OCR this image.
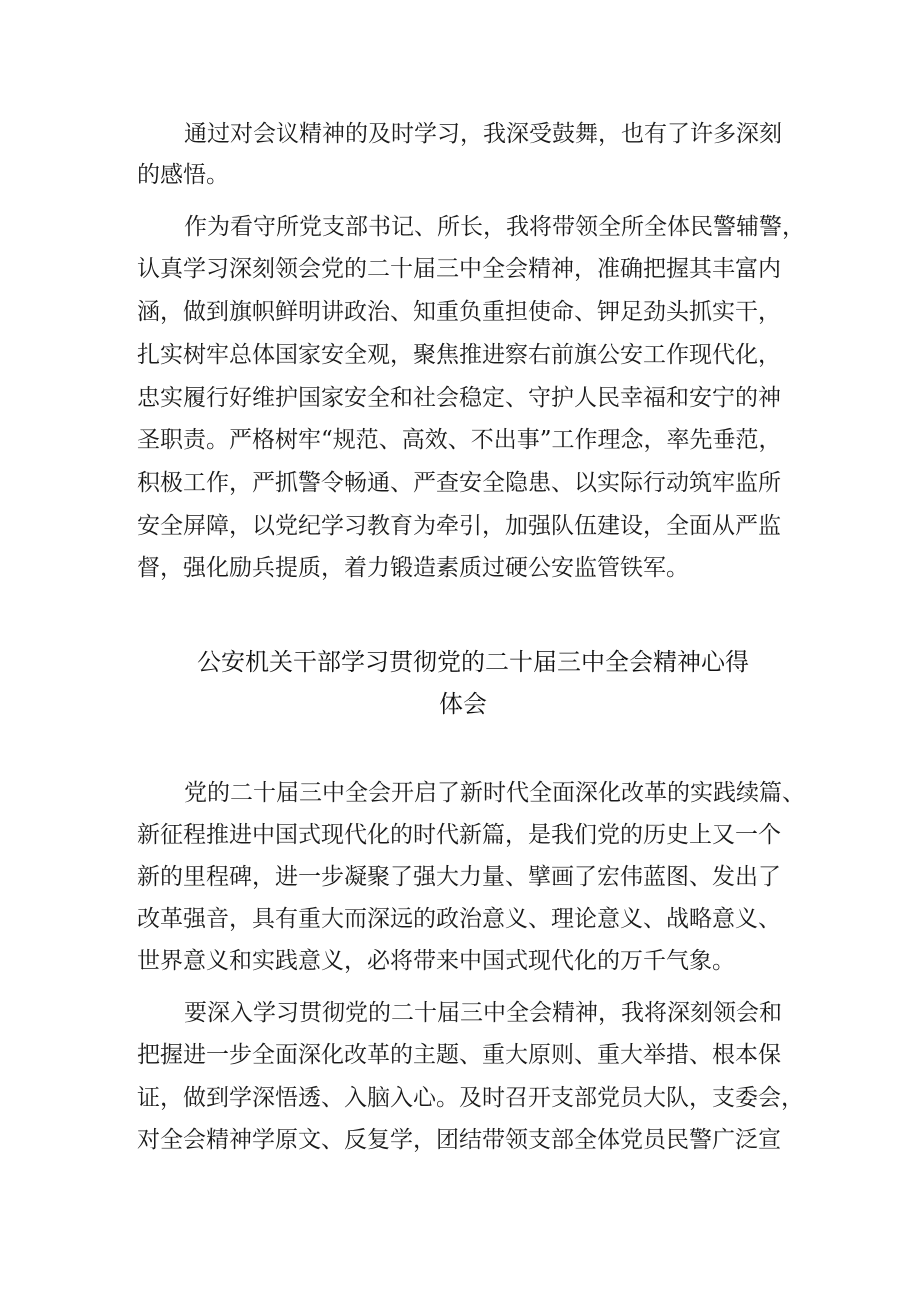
通过对会议精神的及时学习，我深受鼓舞，也有了许多深刻
的感悟。
作为看守所党支部书记、所长，我将带领全所全体民警辅警，
认真学习深刻领会党的二十届三中全会精神，准确把握其丰富内
涵，做到旗帜鲜明讲政治、知重负重担使命、钾足劲头抓实干，
扎实树牢总体国家安全观，聚焦推进察右前旗公安工作现代化，
忠实履行好维护国家安全和社会稳定、守护人民幸福和安宁的神
圣职责。严格树牢“规范、高效、不出事”工作理念，率先垂范，
积极工作，严抓警令畅通、严查安全隐患、以实际行动筑牢监所
安全屏障，以党纪学习教育为牵引，加强队伍建设，全面从严监
督，强化励兵提质，着力锻造素质过硬公安监管铁军。
公安机关干部学习贯彻党的二十届三中全会精神心得
体会
党的二十届三中全会开启了新时代全面深化改革的实践续篇、
新征程推进中国式现代化的时代新篇，是我们党的历史上又一个
新的里程碑，进一步凝聚了强大力量、擘画了宏伟蓝图、发出了
改革强音，具有重大而深远的政治意义、理论意义、战略意义、
世界意义和实践意义，必将带来中国式现代化的万千气象。
要深入学习贯彻党的二十届三中全会精神，我将深刻领会和
把握进一步全面深化改革的主题、重大原则、重大举措、根本保
证，做到学深悟透、入脑入心。及时召开支部党员大队，支委会，
对全会精神学原文、反复学，团结带领支部全体党员民警广泛宣
